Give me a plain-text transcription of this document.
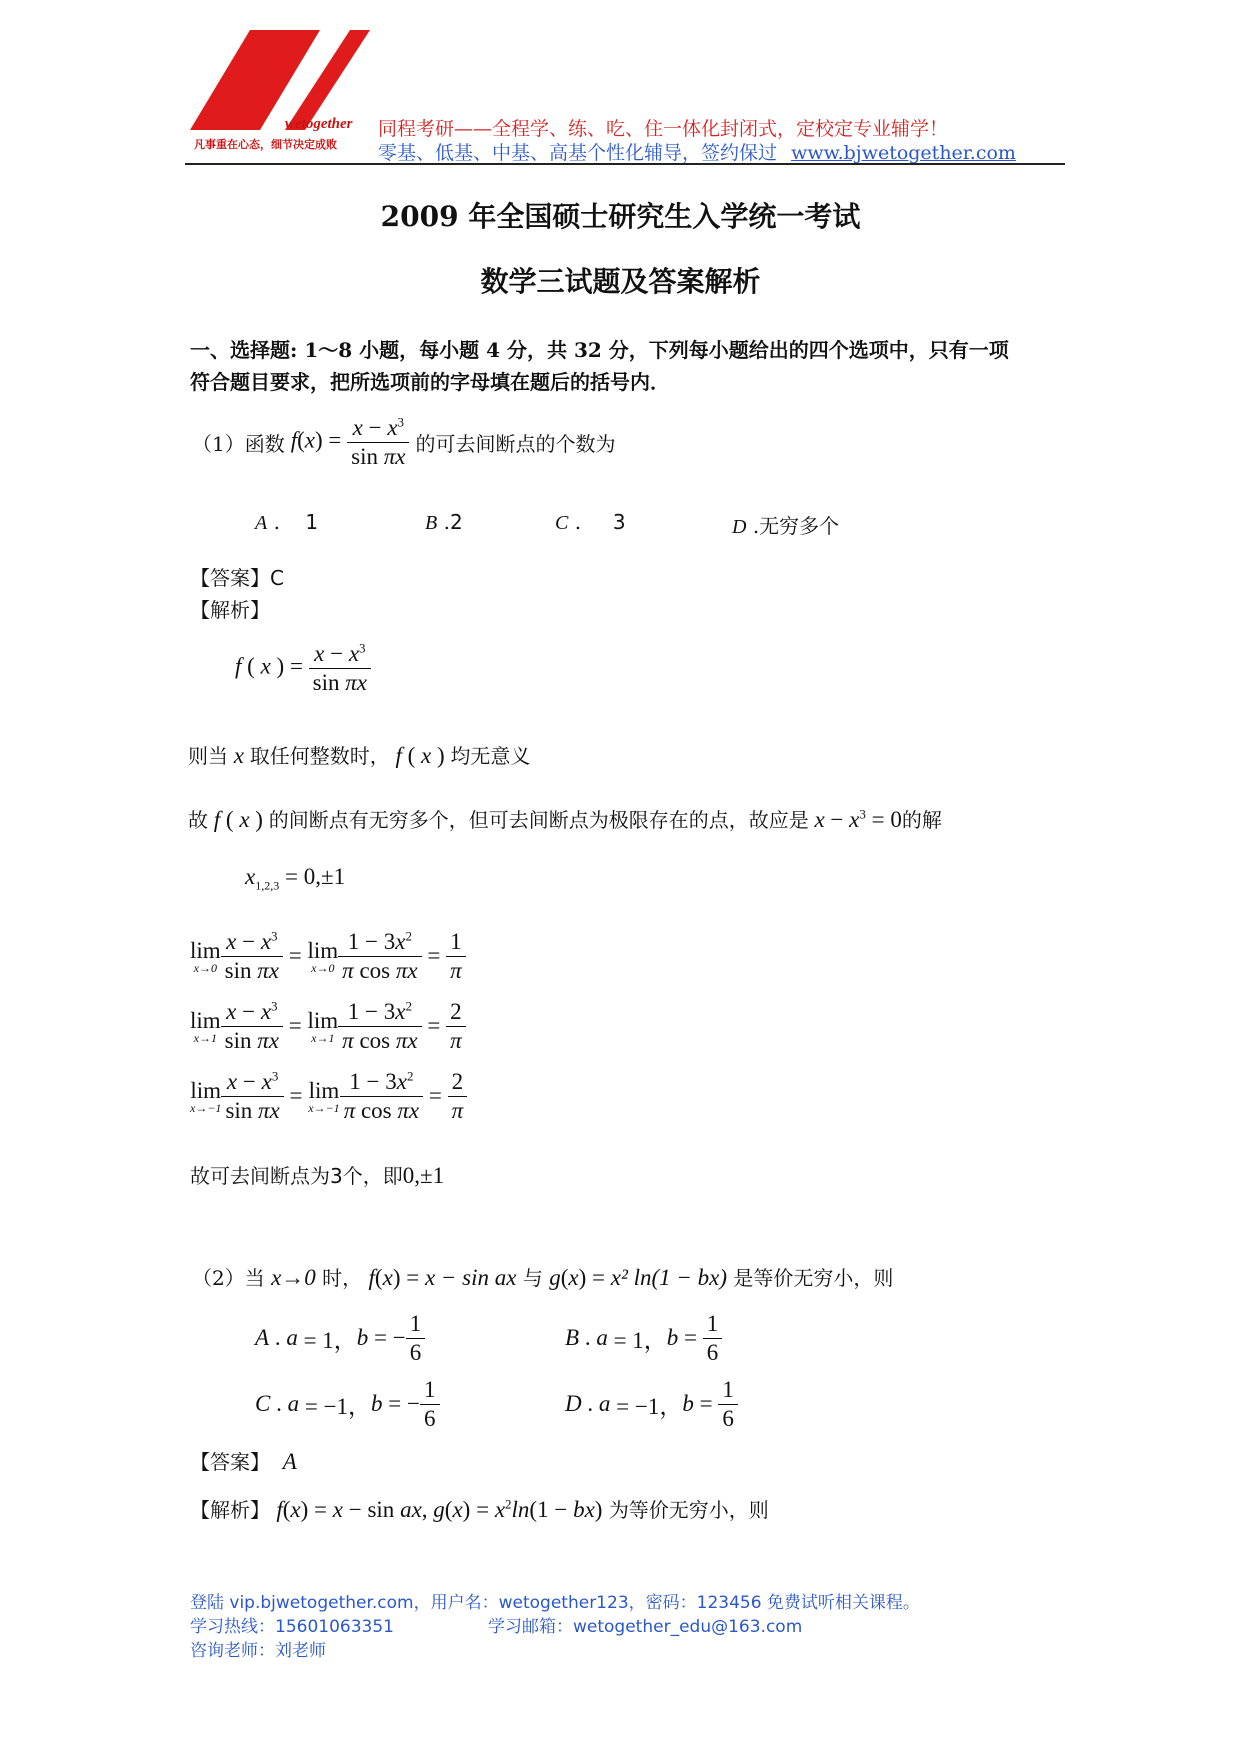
wetogether
凡事重在心态，细节决定成败
同程考研——全程学、练、吃、住一体化封闭式，定校定专业辅学！
零基、低基、中基、高基个性化辅导，签约保过 www.bjwetogether.com
2009 年全国硕士研究生入学统一考试
数学三试题及答案解析
一、选择题: 1～8 小题，每小题 4 分，共 32 分，下列每小题给出的四个选项中，只有一项
符合题目要求，把所选项前的字母填在题后的括号内．
（1）函数 $f(x) = \frac{x - x^3}{\text{sin πx}}$ 的可去间断点的个数为
A .    1	B .2	C .     3	D .无穷多个
【答案】C
【解析】
f ( x ) = $\frac{x - x^3}{\text{sin πx}}$
则当 x 取任何整数时， f ( x ) 均无意义
故 f ( x ) 的间断点有无穷多个，但可去间断点为极限存在的点，故应是 $x - x^3 = 0$的解
$x_{1,2,3} = 0,\pm 1$
lim
$x\to 0 \frac{x - x^3}{\text{sin πx}} = \lim$
$x\to 0 \frac{1 - 3x^2}{\text{π cos πx}} = \frac{1}{\pi}$
lim
$x\to 1 \frac{x - x^3}{\text{sin πx}} = \lim$
$x\to 1 \frac{1 - 3x^2}{\text{π cos πx}} = \frac{2}{\pi}$
lim
$x\to-1 \frac{x - x^3}{\text{sin πx}} = \lim$
$x\to-1 \frac{1 - 3x^2}{\text{π cos πx}} = \frac{2}{\pi}$
故可去间断点为3个，即0,±1
（2）当 x→0 时， f(x) = x − sin ax 与 g(x) = x² ln(1 − bx) 是等价无穷小，则
A . a = 1， b = − $\frac{1}{6}$	B . a = 1， $b = \frac{1}{6}$
C . a = −1， b = − $\frac{1}{6}$	D . a = −1， $b = \frac{1}{6}$
【答案】 A
【解析】 f(x) = x − sin ax, $g(x) = x^2\ln(1 - bx)$ 为等价无穷小，则
登陆 vip.bjwetogether.com，用户名：wetogether123，密码：123456 免费试听相关课程。
学习热线：15601063351	学习邮箱：wetogether_edu@163.com
咨询老师：刘老师
